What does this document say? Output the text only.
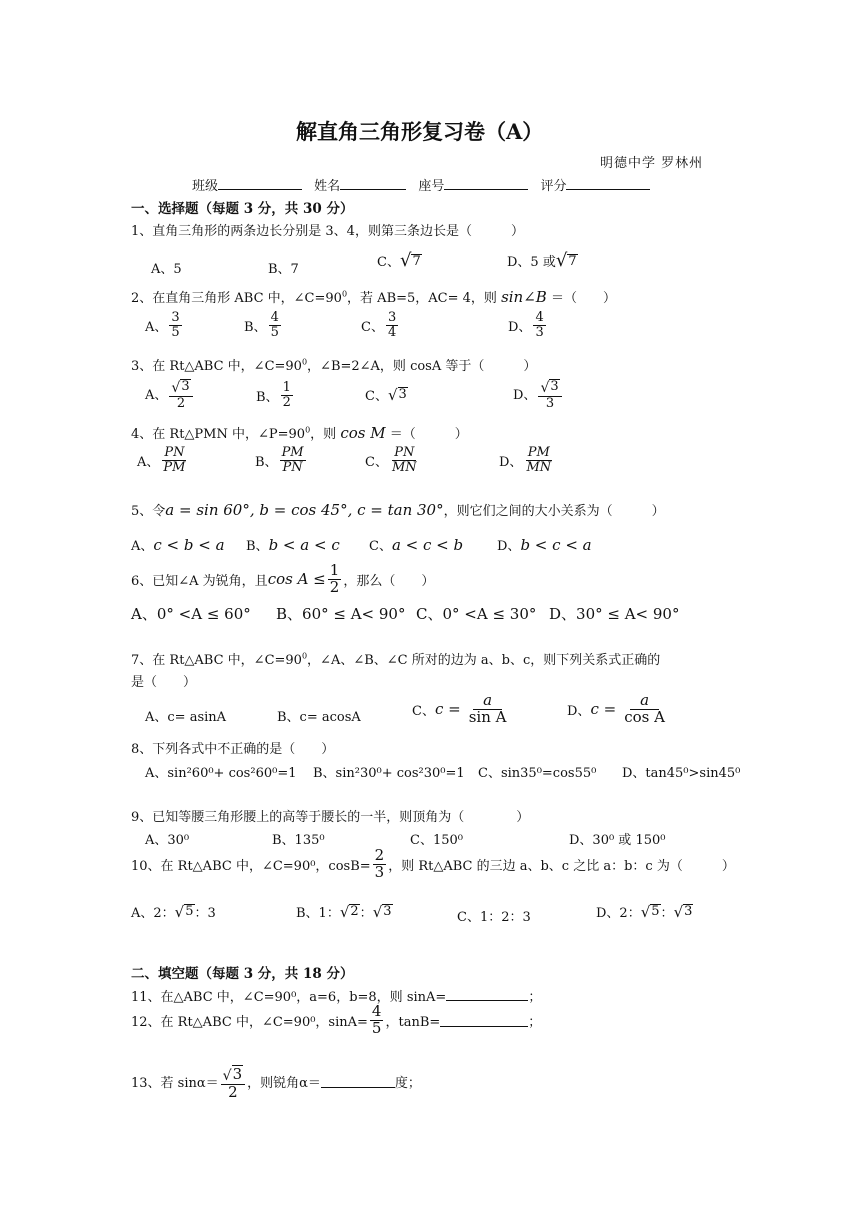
解直角三角形复习卷（A）
明德中学 罗林州
班级	姓名	座号	评分
一、选择题（每题 3 分，共 30 分）
1、直角三角形的两条边长分别是 3、4，则第三条边长是（　　　）
A、5	B、7	C、 √ 7	D、5 或 √ 7
2、在直角三角形 ABC 中，$\angle C=90^0$，若 AB=5，AC= 4，则 sin∠B ＝（　　）
A、 $\frac{3}{5}$	B、 $\frac{4}{5}$	C、 $\frac{3}{4}$	D、 $\frac{4}{3}$
3、在 Rt△ABC 中，$\angle C=90^0$，∠B=2∠A，则 cosA 等于（　　　）
A、 $\frac{√ 3}{2}$	B、 $\frac{1}{2}$	C、 √ 3	D、 $\frac{√ 3}{3}$
4、在 Rt△PMN 中，$\angle P=90^0$，则 cos M ＝（　　　）
A、 $\frac{PN}{PM}$	B、 $\frac{PM}{PN}$	C、 $\frac{PN}{MN}$	D、 $\frac{PM}{MN}$
5、令a = sin 60°, b = cos 45°, c = tan 30°，则它们之间的大小关系为（　　　）
A、c < b < a B、b < a < c C、a < c < b	D、b < c < a
6、已知∠A 为锐角，且 $\cos A \le \frac{1}{2}$ ，那么（　　）
A、0° <A ≤ 60° B、60° ≤ A< 90° C、0° <A ≤ 30° D、30° ≤ A< 90°
7、在 Rt△ABC 中，$\angle C=90^0$，∠A、∠B、∠C 所对的边为 a、b、c，则下列关系式正确的
是（　　）
A、c= asinA	B、c= acosA	C、 $c = \frac{a}{\text{sin A}}$	D、 $c = \frac{a}{\text{cos A}}$
8、下列各式中不正确的是（　　）
A、sin²60⁰+ cos²60⁰=1 B、sin²30⁰+ cos²30⁰=1 C、sin35⁰=cos55⁰ D、tan45⁰>sin45⁰
9、已知等腰三角形腰上的高等于腰长的一半，则顶角为（　　　　）
A、30⁰	B、135⁰	C、150⁰	D、30⁰ 或 150⁰
10、在 Rt△ABC 中，∠C=90⁰，$\cos B= \frac{2}{3}$ ，则 Rt△ABC 的三边 a、b、c 之比 a：b：c 为（　　　）
A、2： √ 5 ：3	B、1： √ 2 ： √ 3	C、1：2：3	D、2： √ 5 ： √ 3
二、填空题（每题 3 分，共 18 分）
11、在△ABC 中，∠C=90⁰，a=6，b=8，则 sinA=	；
12、在 Rt△ABC 中，∠C=90⁰，$\sin A= \frac{4}{5}$ ，tanB=	；
13、若 $\sin\alpha= \frac{√ 3}{2}$ ，则锐角α＝	度；
